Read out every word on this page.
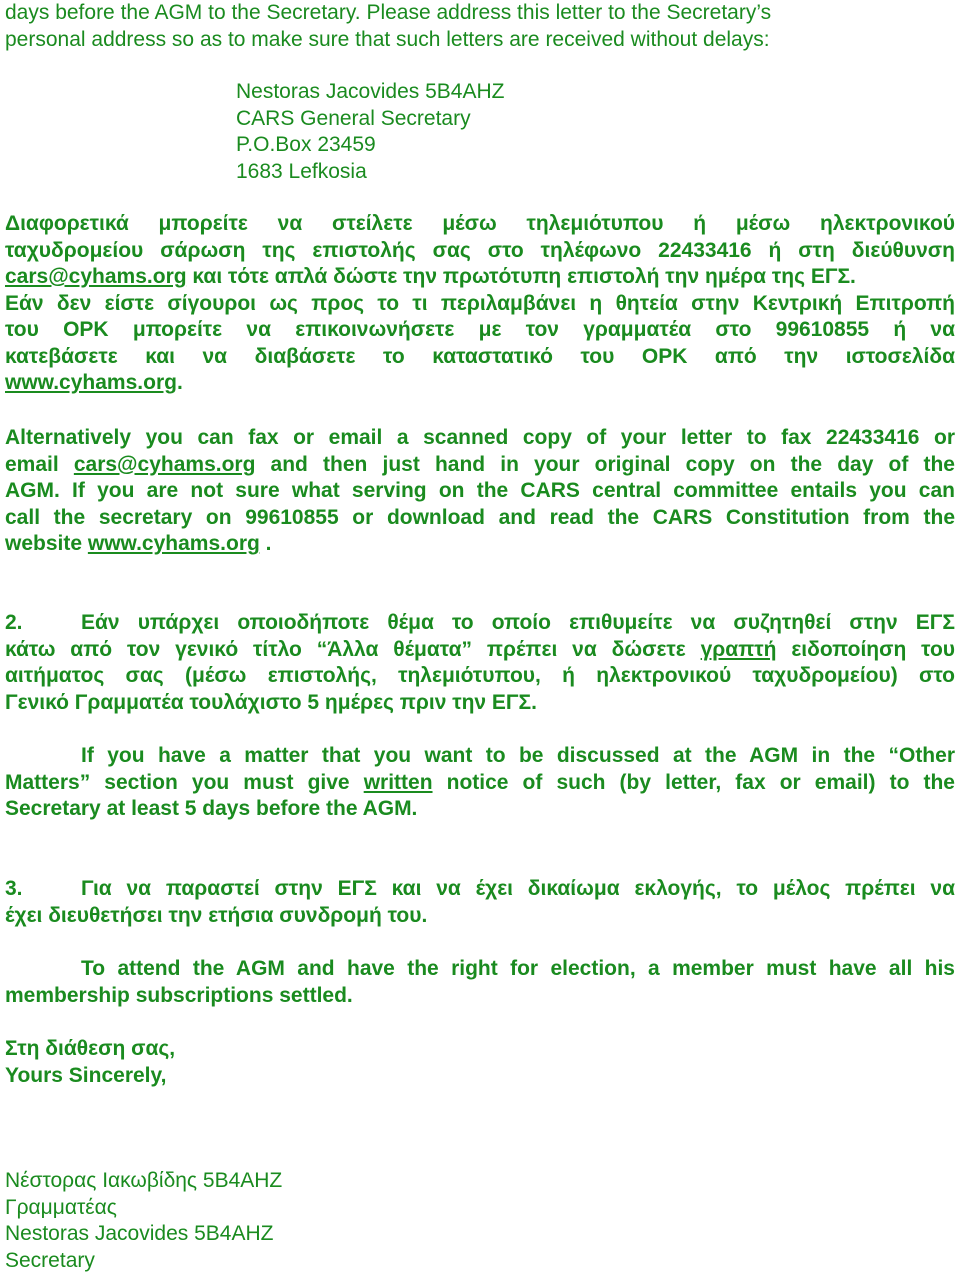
days before the AGM to the Secretary. Please address this letter to the Secretary’s

personal address so as to make sure that such letters are received without delays:

Nestoras Jacovides 5B4AHZ
CARS General Secretary
P.O.Box 23459
1683 Lefkosia

Διαφορετικά μπορείτε να στείλετε μέσω τηλεμιότυπου ή μέσω ηλεκτρονικού

ταχυδρομείου σάρωση της επιστολής σας στο τηλέφωνο 22433416 ή στη διεύθυνση

cars@cyhams.org και τότε απλά δώστε την πρωτότυπη επιστολή την ημέρα της ΕΓΣ.

Εάν δεν είστε σίγουροι ως προς το τι περιλαμβάνει η θητεία στην Κεντρική Επιτροπή

του ΟΡΚ μπορείτε να επικοινωνήσετε με τον γραμματέα στο 99610855 ή να

κατεβάσετε και να διαβάσετε το καταστατικό του ΟΡΚ από την ιστοσελίδα

www.cyhams.org.

Alternatively you can fax or email a scanned copy of your letter to fax 22433416 or

email cars@cyhams.org and then just hand in your original copy on the day of the

AGM. If you are not sure what serving on the CARS central committee entails you can

call the secretary on 99610855 or download and read the CARS Constitution from the

website www.cyhams.org .

2.	Εάν υπάρχει οποιοδήποτε θέμα το οποίο επιθυμείτε να συζητηθεί στην ΕΓΣ

κάτω από τον γενικό τίτλο “Άλλα θέματα” πρέπει να δώσετε γραπτή ειδοποίηση του

αιτήματος σας (μέσω επιστολής, τηλεμιότυπου, ή ηλεκτρονικού ταχυδρομείου) στο

Γενικό Γραμματέα τουλάχιστο 5 ημέρες πριν την ΕΓΣ.

If you have a matter that you want to be discussed at the AGM in the “Other

Matters” section you must give written notice of such (by letter, fax or email) to the

Secretary at least 5 days before the AGM.

3.	Για να παραστεί στην ΕΓΣ και να έχει δικαίωμα εκλογής, το μέλος πρέπει να

έχει διευθετήσει την ετήσια συνδρομή του.

To attend the AGM and have the right for election, a member must have all his

membership subscriptions settled.

Στη διάθεση σας,

Yours Sincerely,

Νέστορας Ιακωβίδης 5B4AHZ

Γραμματέας

Nestoras Jacovides 5B4AHZ

Secretary
